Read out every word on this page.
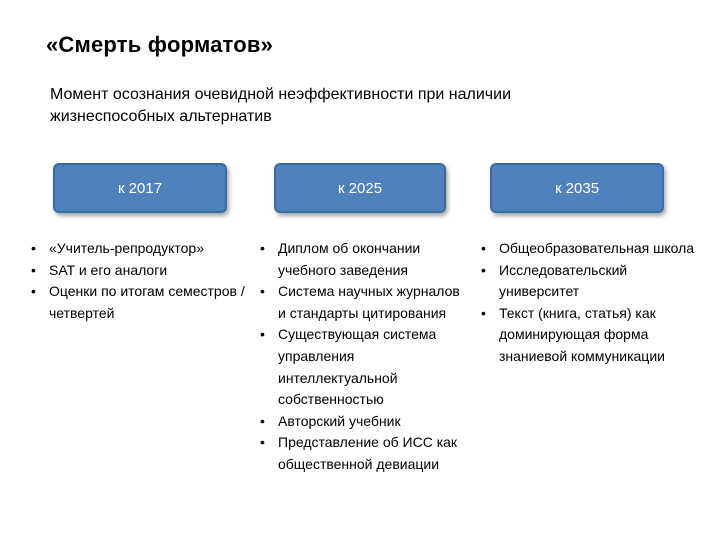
«Смерть форматов»
Момент осознания очевидной неэффективности при наличии жизнеспособных альтернатив
к 2017	к 2025	к 2035
• «Учитель-репродуктор»
• SAT и его аналоги
• Оценки по итогам семестров / четвертей
• Диплом об окончании учебного заведения
• Система научных журналов и стандарты цитирования
• Существующая система управления интеллектуальной собственностью
• Авторский учебник
• Представление об ИСС как общественной девиации
• Общеобразовательная школа
• Исследовательский университет
• Текст (книга, статья) как доминирующая форма знаниевой коммуникации
